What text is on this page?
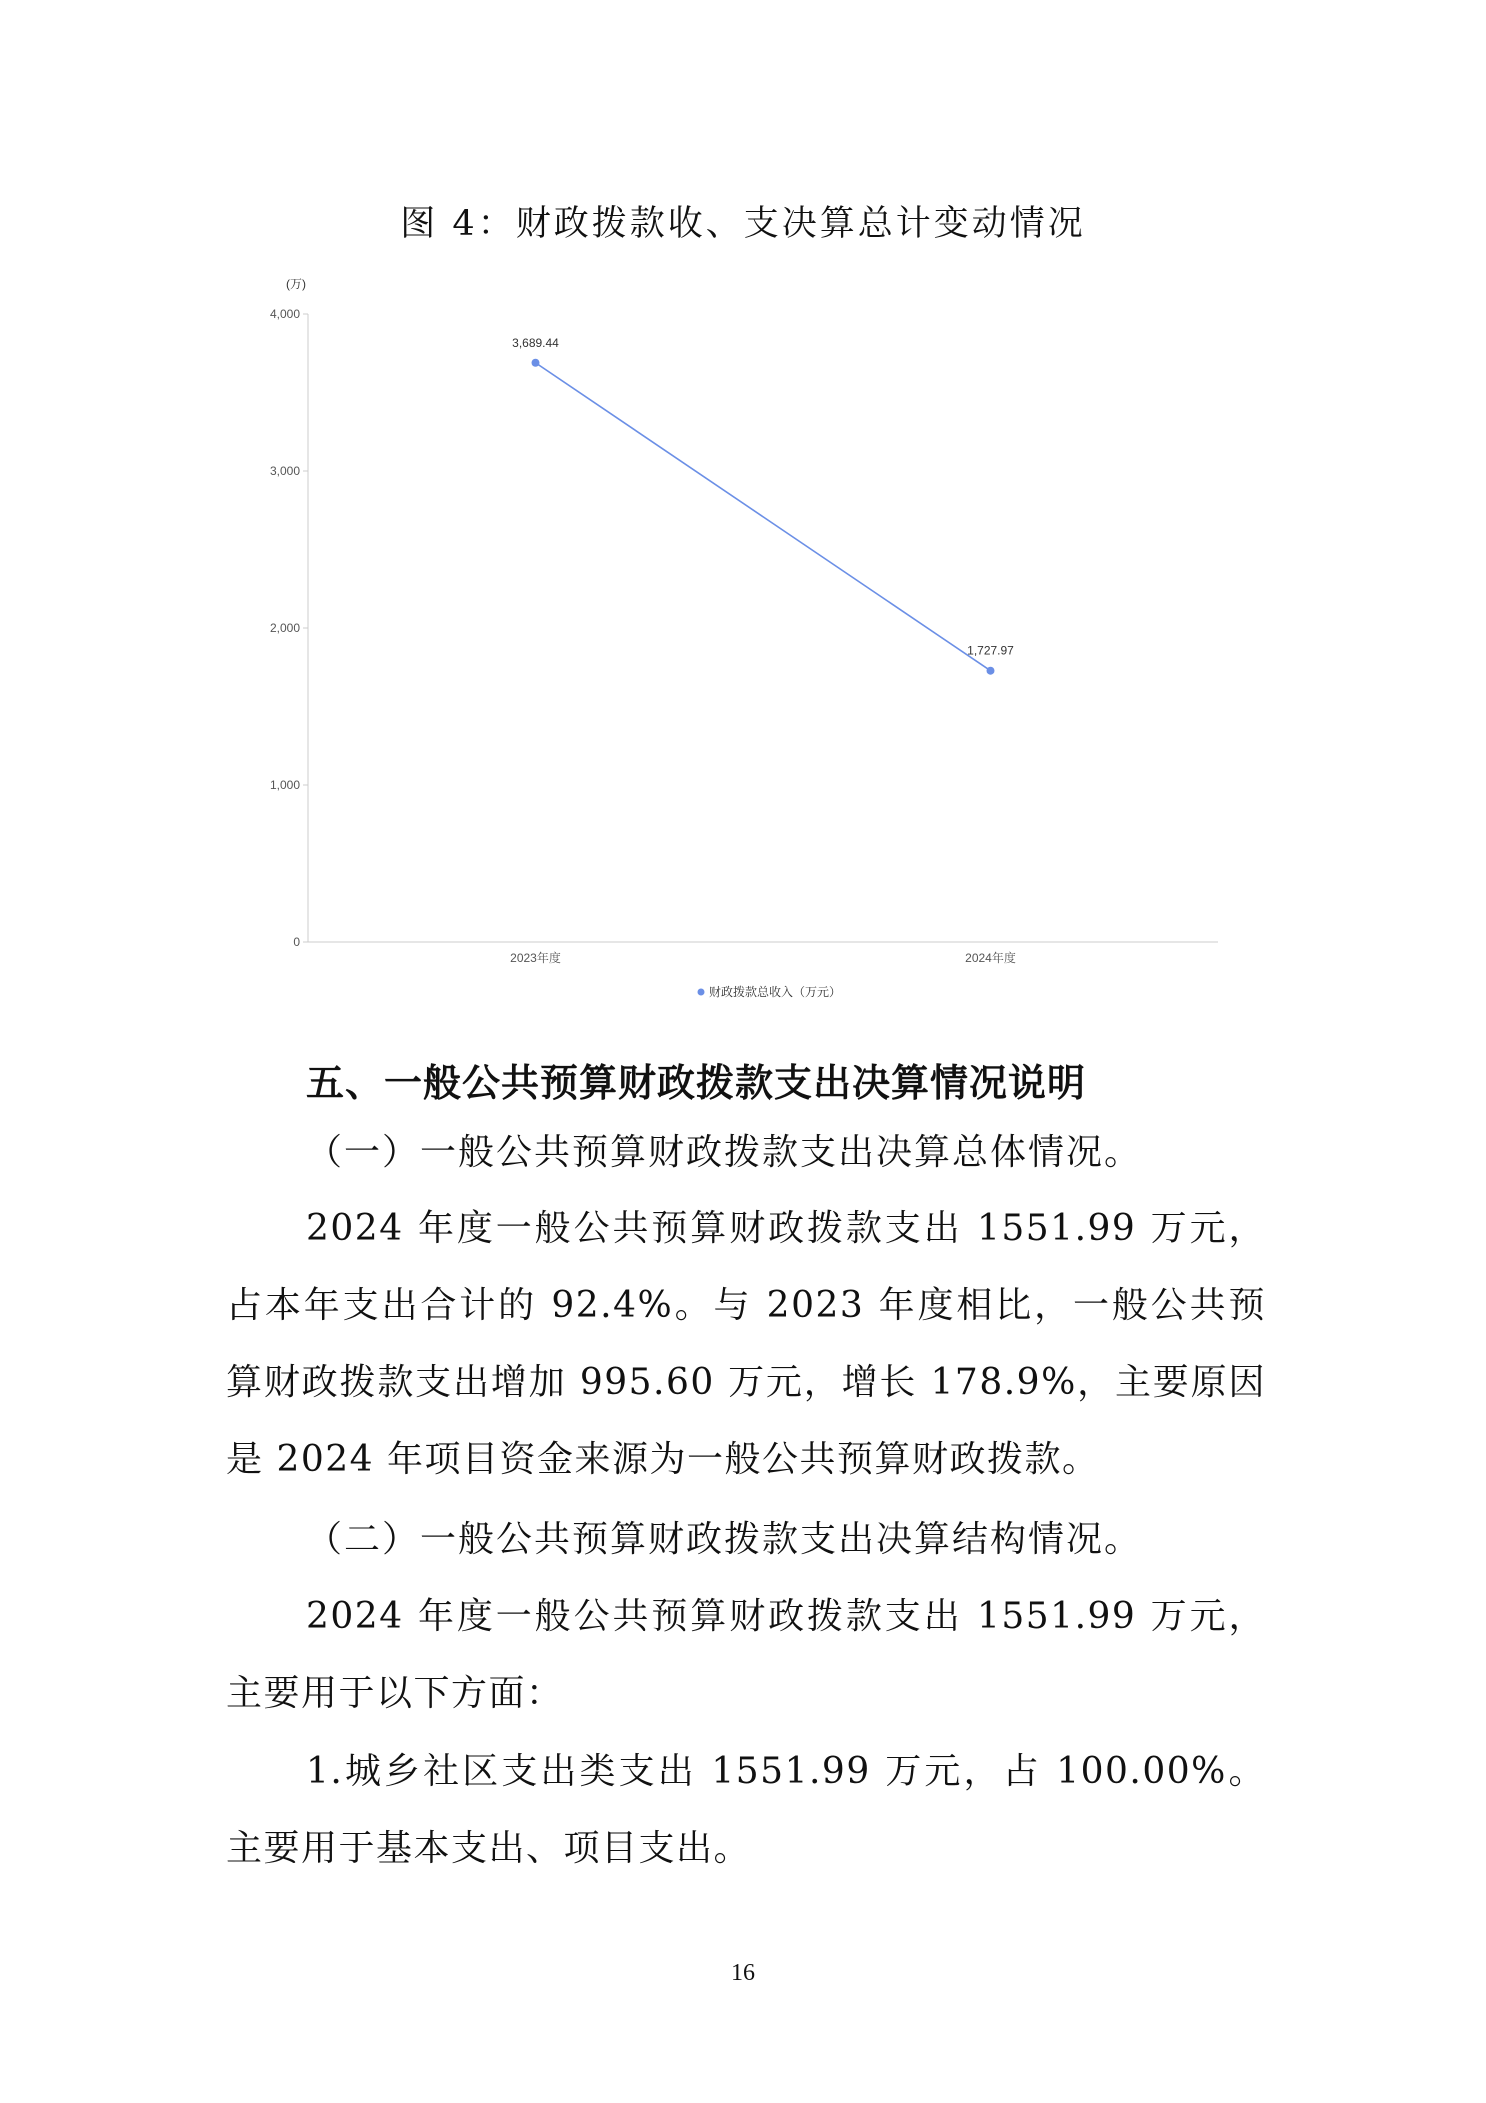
图 4：财政拨款收、支决算总计变动情况
(万)
0
1,000
2,000
3,000
4,000
3,689.44
1,727.97
2023年度	2024年度
财政拨款总收入（万元）
五、一般公共预算财政拨款支出决算情况说明
（一）一般公共预算财政拨款支出决算总体情况。
2024 年度一般公共预算财政拨款支出 1551.99 万元，占本年支出合计的 92.4%。与 2023 年度相比，一般公共预算财政拨款支出增加 995.60 万元，增长 178.9%，主要原因是 2024 年项目资金来源为一般公共预算财政拨款。
（二）一般公共预算财政拨款支出决算结构情况。
2024 年度一般公共预算财政拨款支出 1551.99 万元，主要用于以下方面：
1.城乡社区支出类支出 1551.99 万元，占 100.00%。主要用于基本支出、项目支出。
16
